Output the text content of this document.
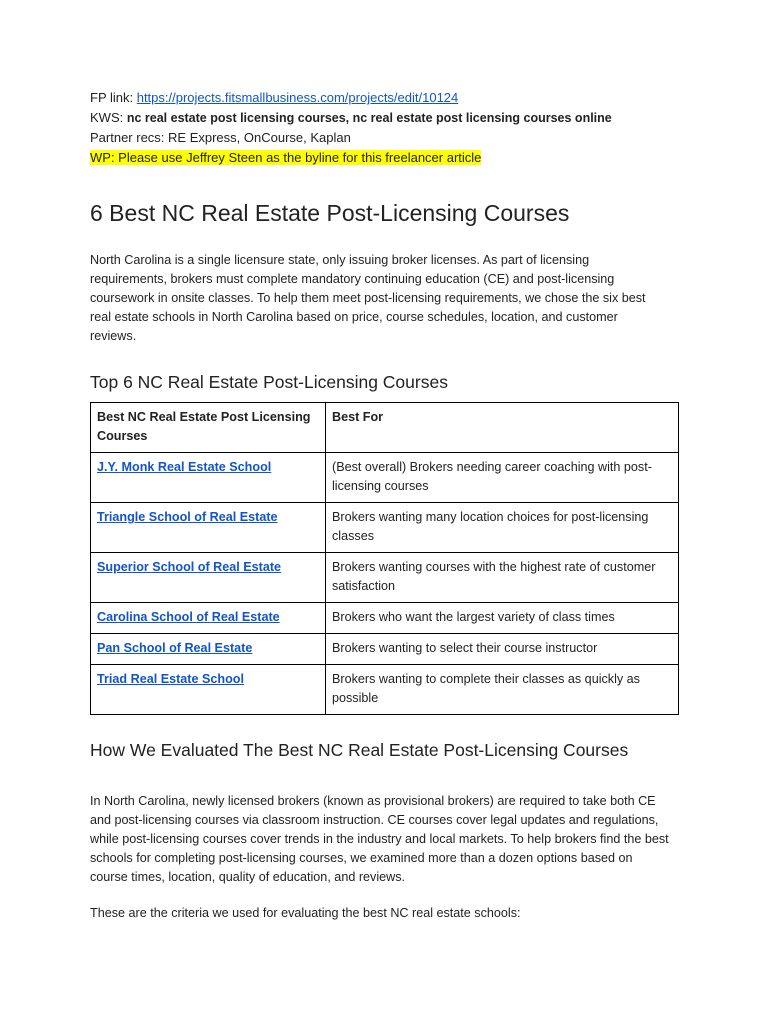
FP link: https://projects.fitsmallbusiness.com/projects/edit/10124
KWS: nc real estate post licensing courses, nc real estate post licensing courses online
Partner recs: RE Express, OnCourse, Kaplan
WP: Please use Jeffrey Steen as the byline for this freelancer article
6 Best NC Real Estate Post-Licensing Courses

North Carolina is a single licensure state, only issuing broker licenses. As part of licensing requirements, brokers must complete mandatory continuing education (CE) and post-licensing coursework in onsite classes. To help them meet post-licensing requirements, we chose the six best real estate schools in North Carolina based on price, course schedules, location, and customer reviews.

Top 6 NC Real Estate Post-Licensing Courses
Best NC Real Estate Post Licensing Courses	Best For
J.Y. Monk Real Estate School	(Best overall) Brokers needing career coaching with post-licensing courses
Triangle School of Real Estate	Brokers wanting many location choices for post-licensing classes
Superior School of Real Estate	Brokers wanting courses with the highest rate of customer satisfaction
Carolina School of Real Estate	Brokers who want the largest variety of class times
Pan School of Real Estate	Brokers wanting to select their course instructor
Triad Real Estate School	Brokers wanting to complete their classes as quickly as possible
How We Evaluated The Best NC Real Estate Post-Licensing Courses

In North Carolina, newly licensed brokers (known as provisional brokers) are required to take both CE and post-licensing courses via classroom instruction. CE courses cover legal updates and regulations, while post-licensing courses cover trends in the industry and local markets. To help brokers find the best schools for completing post-licensing courses, we examined more than a dozen options based on course times, location, quality of education, and reviews.

These are the criteria we used for evaluating the best NC real estate schools:
